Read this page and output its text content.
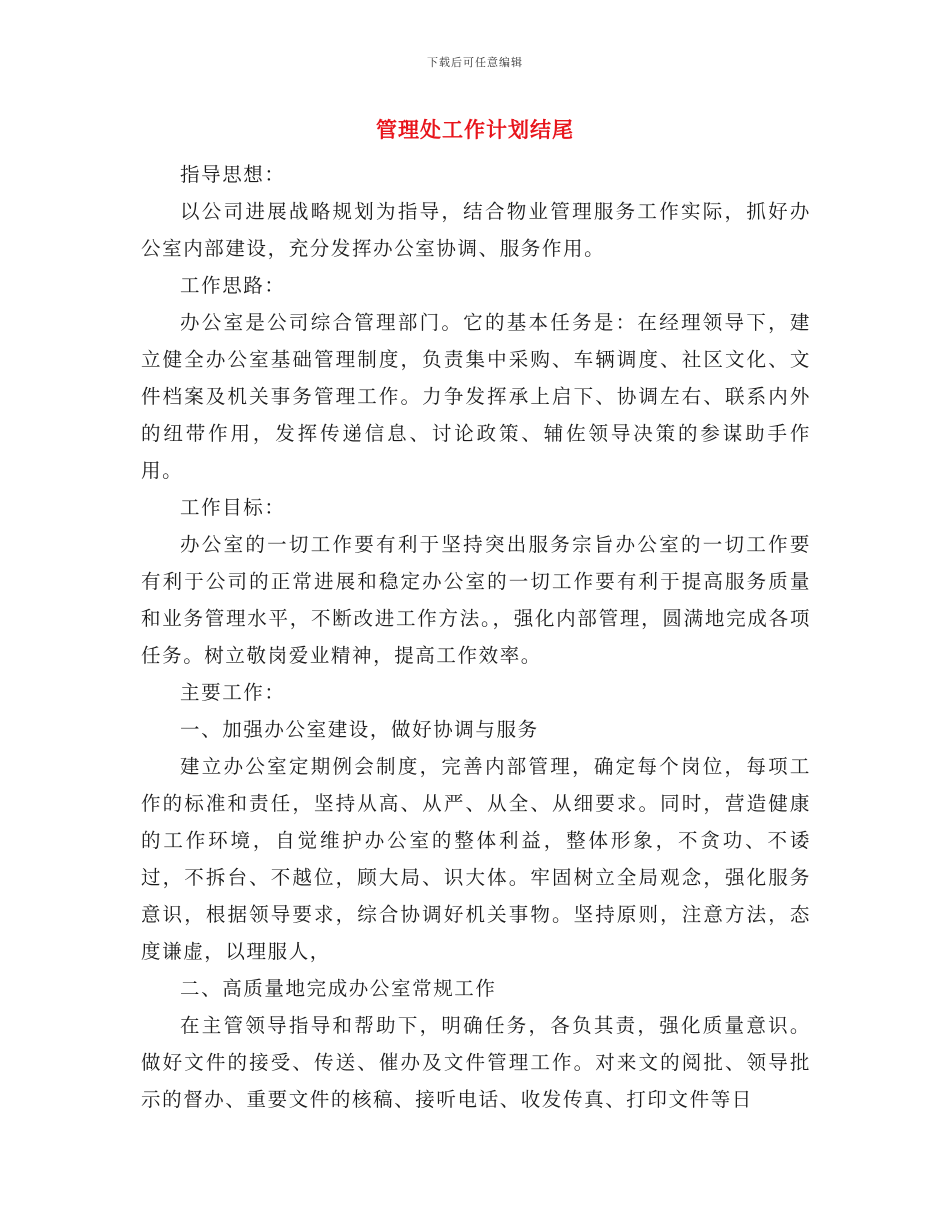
下载后可任意编辑
管理处工作计划结尾

指导思想：

以公司进展战略规划为指导，结合物业管理服务工作实际，抓好办公室内部建设，充分发挥办公室协调、服务作用。

工作思路：

办公室是公司综合管理部门。它的基本任务是：在经理领导下，建立健全办公室基础管理制度，负责集中采购、车辆调度、社区文化、文件档案及机关事务管理工作。力争发挥承上启下、协调左右、联系内外的纽带作用，发挥传递信息、讨论政策、辅佐领导决策的参谋助手作用。

工作目标：

办公室的一切工作要有利于坚持突出服务宗旨办公室的一切工作要有利于公司的正常进展和稳定办公室的一切工作要有利于提高服务质量和业务管理水平，不断改进工作方法。，强化内部管理，圆满地完成各项任务。树立敬岗爱业精神，提高工作效率。

主要工作：

一、加强办公室建设，做好协调与服务

建立办公室定期例会制度，完善内部管理，确定每个岗位，每项工作的标准和责任，坚持从高、从严、从全、从细要求。同时，营造健康的工作环境，自觉维护办公室的整体利益，整体形象，不贪功、不诿过，不拆台、不越位，顾大局、识大体。牢固树立全局观念，强化服务意识，根据领导要求，综合协调好机关事物。坚持原则，注意方法，态度谦虚，以理服人，

二、高质量地完成办公室常规工作

在主管领导指导和帮助下，明确任务，各负其责，强化质量意识。做好文件的接受、传送、催办及文件管理工作。对来文的阅批、领导批示的督办、重要文件的核稿、接听电话、收发传真、打印文件等日
